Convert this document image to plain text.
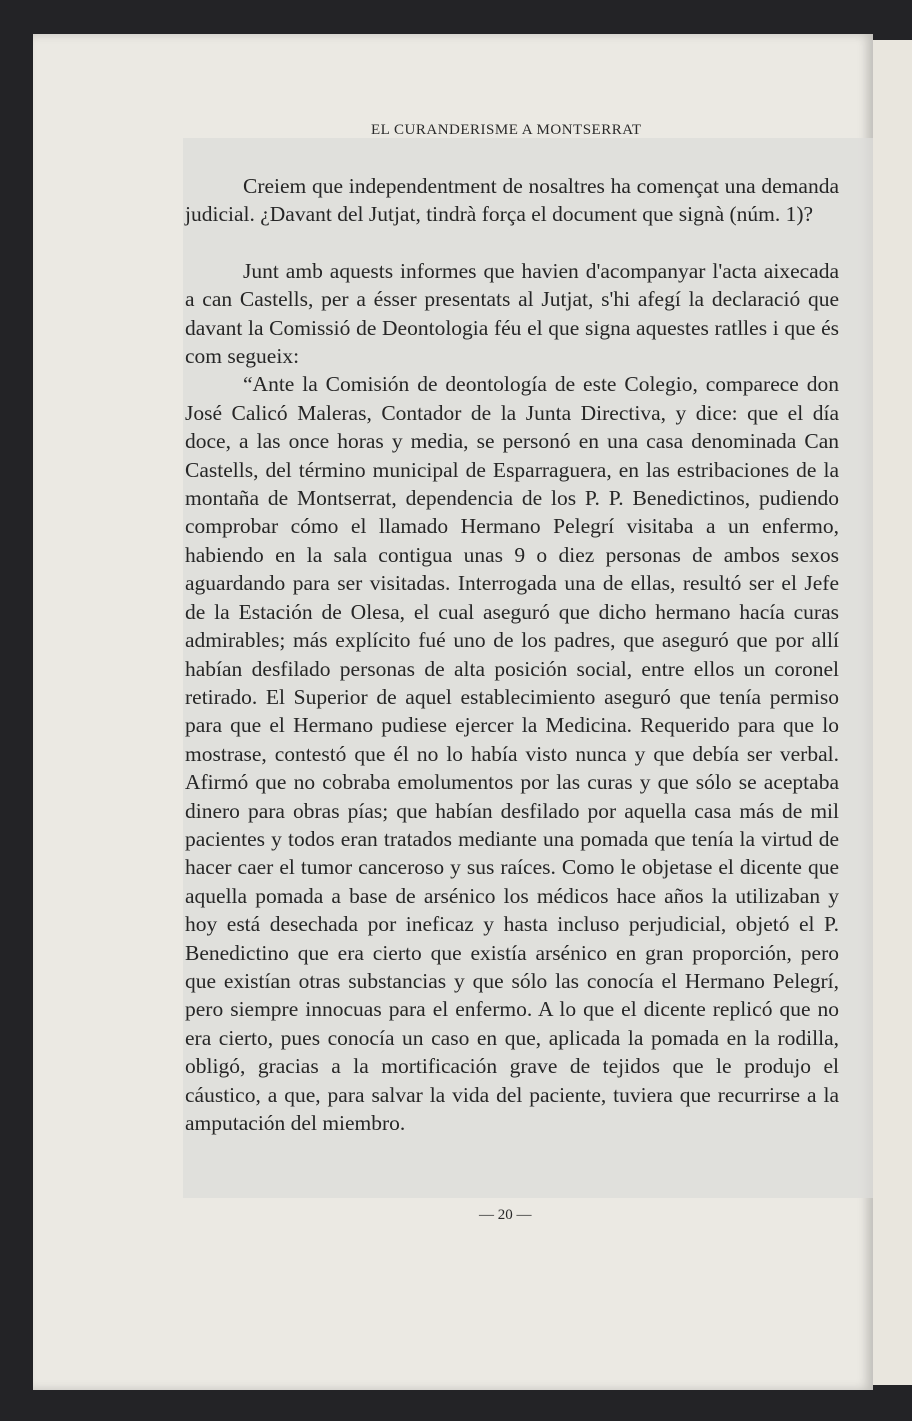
EL CURANDERISME A MONTSERRAT

Creiem que independentment de nosaltres ha començat una demanda judicial. ¿Davant del Jutjat, tindrà força el document que signà (núm. 1)?

Junt amb aquests informes que havien d'acompanyar l'acta aixecada a can Castells, per a ésser presentats al Jutjat, s'hi afegí la declaració que davant la Comissió de Deontologia féu el que signa aquestes ratlles i que és com segueix:

“Ante la Comisión de deontología de este Colegio, comparece don José Calicó Maleras, Contador de la Junta Directiva, y dice: que el día doce, a las once horas y media, se personó en una casa denominada Can Castells, del término municipal de Esparraguera, en las estribaciones de la montaña de Montserrat, dependencia de los P. P. Benedictinos, pudiendo comprobar cómo el llamado Hermano Pelegrí visitaba a un enfermo, habiendo en la sala contigua unas 9 o diez personas de ambos sexos aguardando para ser visitadas. Interrogada una de ellas, resultó ser el Jefe de la Estación de Olesa, el cual aseguró que dicho hermano hacía curas admirables; más explícito fué uno de los padres, que aseguró que por allí habían desfilado personas de alta posición social, entre ellos un coronel retirado. El Superior de aquel establecimiento aseguró que tenía permiso para que el Hermano pudiese ejercer la Medicina. Requerido para que lo mostrase, contestó que él no lo había visto nunca y que debía ser verbal. Afirmó que no cobraba emolumentos por las curas y que sólo se aceptaba dinero para obras pías; que habían desfilado por aquella casa más de mil pacientes y todos eran tratados mediante una pomada que tenía la virtud de hacer caer el tumor canceroso y sus raíces. Como le objetase el dicente que aquella pomada a base de arsénico los médicos hace años la utilizaban y hoy está desechada por ineficaz y hasta incluso perjudicial, objetó el P. Benedictino que era cierto que existía arsénico en gran proporción, pero que existían otras substancias y que sólo las conocía el Hermano Pelegrí, pero siempre innocuas para el enfermo. A lo que el dicente replicó que no era cierto, pues conocía un caso en que, aplicada la pomada en la rodilla, obligó, gracias a la mortificación grave de tejidos que le produjo el cáustico, a que, para salvar la vida del paciente, tuviera que recurrirse a la amputación del miembro.

— 20 —
